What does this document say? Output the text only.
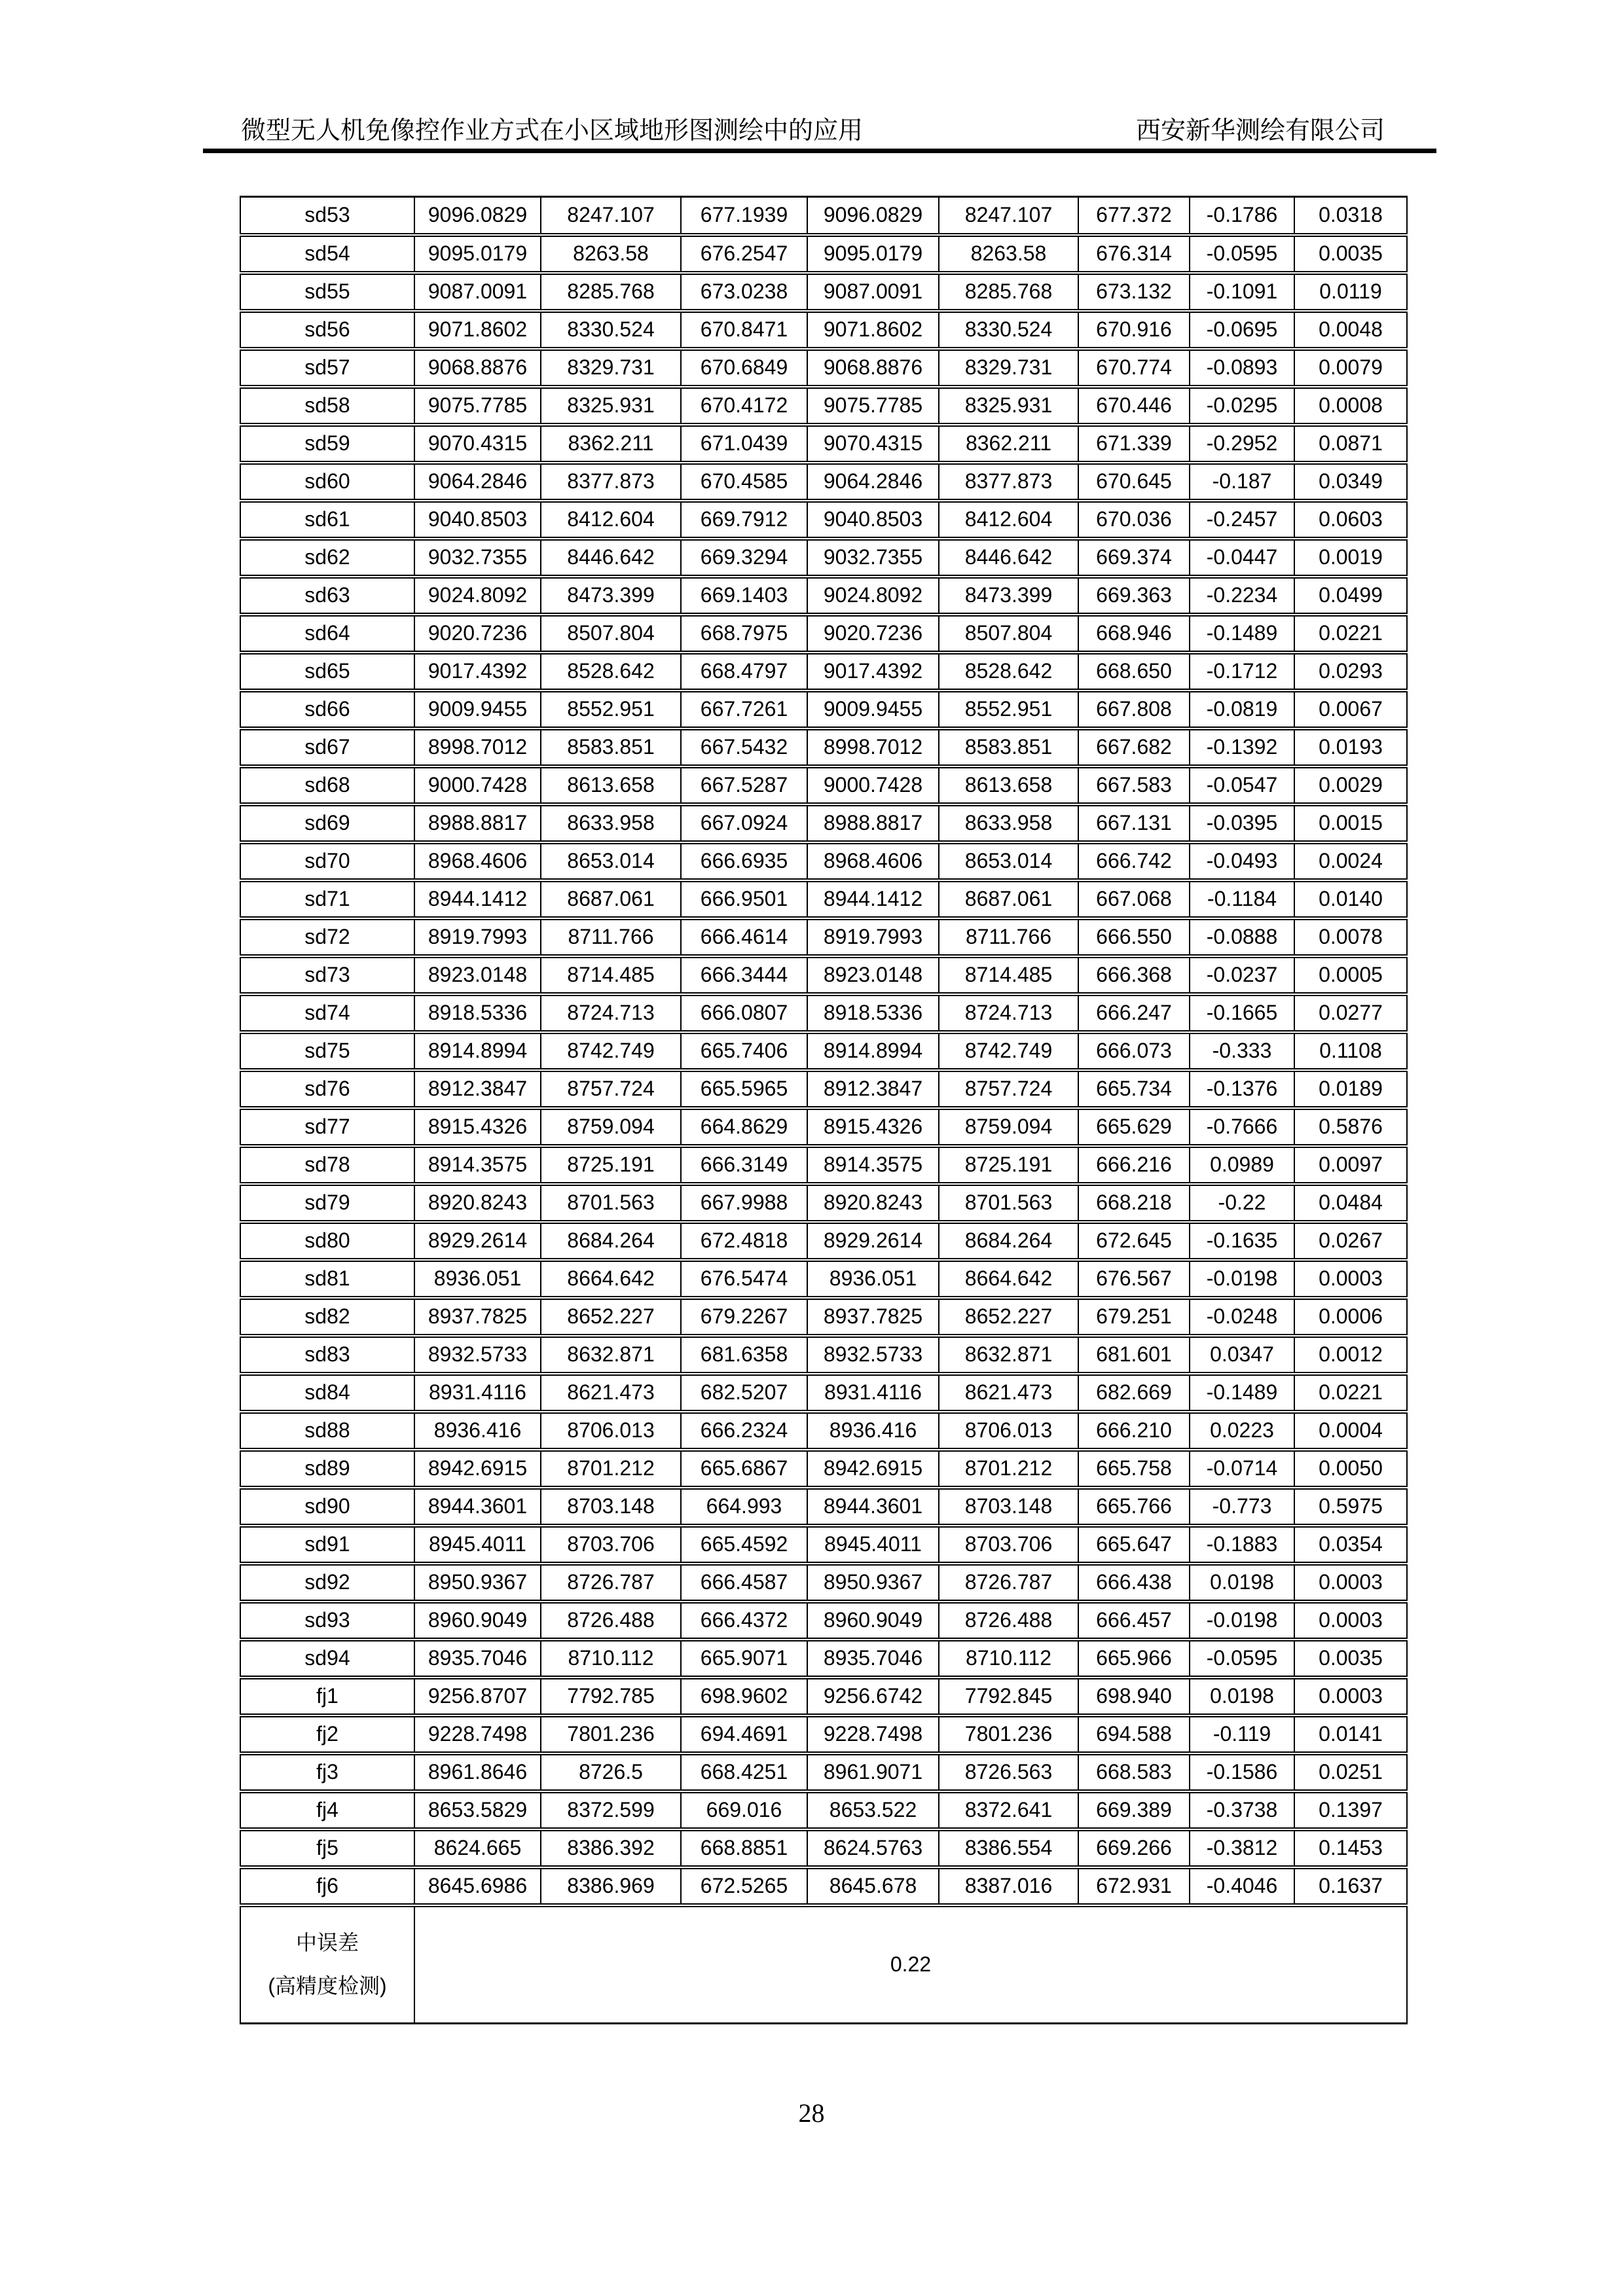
微型无人机免像控作业方式在小区域地形图测绘中的应用	西安新华测绘有限公司
sd53	9096.0829	8247.107	677.1939	9096.0829	8247.107	677.372	-0.1786	0.0318
sd54	9095.0179	8263.58	676.2547	9095.0179	8263.58	676.314	-0.0595	0.0035
sd55	9087.0091	8285.768	673.0238	9087.0091	8285.768	673.132	-0.1091	0.0119
sd56	9071.8602	8330.524	670.8471	9071.8602	8330.524	670.916	-0.0695	0.0048
sd57	9068.8876	8329.731	670.6849	9068.8876	8329.731	670.774	-0.0893	0.0079
sd58	9075.7785	8325.931	670.4172	9075.7785	8325.931	670.446	-0.0295	0.0008
sd59	9070.4315	8362.211	671.0439	9070.4315	8362.211	671.339	-0.2952	0.0871
sd60	9064.2846	8377.873	670.4585	9064.2846	8377.873	670.645	-0.187	0.0349
sd61	9040.8503	8412.604	669.7912	9040.8503	8412.604	670.036	-0.2457	0.0603
sd62	9032.7355	8446.642	669.3294	9032.7355	8446.642	669.374	-0.0447	0.0019
sd63	9024.8092	8473.399	669.1403	9024.8092	8473.399	669.363	-0.2234	0.0499
sd64	9020.7236	8507.804	668.7975	9020.7236	8507.804	668.946	-0.1489	0.0221
sd65	9017.4392	8528.642	668.4797	9017.4392	8528.642	668.650	-0.1712	0.0293
sd66	9009.9455	8552.951	667.7261	9009.9455	8552.951	667.808	-0.0819	0.0067
sd67	8998.7012	8583.851	667.5432	8998.7012	8583.851	667.682	-0.1392	0.0193
sd68	9000.7428	8613.658	667.5287	9000.7428	8613.658	667.583	-0.0547	0.0029
sd69	8988.8817	8633.958	667.0924	8988.8817	8633.958	667.131	-0.0395	0.0015
sd70	8968.4606	8653.014	666.6935	8968.4606	8653.014	666.742	-0.0493	0.0024
sd71	8944.1412	8687.061	666.9501	8944.1412	8687.061	667.068	-0.1184	0.0140
sd72	8919.7993	8711.766	666.4614	8919.7993	8711.766	666.550	-0.0888	0.0078
sd73	8923.0148	8714.485	666.3444	8923.0148	8714.485	666.368	-0.0237	0.0005
sd74	8918.5336	8724.713	666.0807	8918.5336	8724.713	666.247	-0.1665	0.0277
sd75	8914.8994	8742.749	665.7406	8914.8994	8742.749	666.073	-0.333	0.1108
sd76	8912.3847	8757.724	665.5965	8912.3847	8757.724	665.734	-0.1376	0.0189
sd77	8915.4326	8759.094	664.8629	8915.4326	8759.094	665.629	-0.7666	0.5876
sd78	8914.3575	8725.191	666.3149	8914.3575	8725.191	666.216	0.0989	0.0097
sd79	8920.8243	8701.563	667.9988	8920.8243	8701.563	668.218	-0.22	0.0484
sd80	8929.2614	8684.264	672.4818	8929.2614	8684.264	672.645	-0.1635	0.0267
sd81	8936.051	8664.642	676.5474	8936.051	8664.642	676.567	-0.0198	0.0003
sd82	8937.7825	8652.227	679.2267	8937.7825	8652.227	679.251	-0.0248	0.0006
sd83	8932.5733	8632.871	681.6358	8932.5733	8632.871	681.601	0.0347	0.0012
sd84	8931.4116	8621.473	682.5207	8931.4116	8621.473	682.669	-0.1489	0.0221
sd88	8936.416	8706.013	666.2324	8936.416	8706.013	666.210	0.0223	0.0004
sd89	8942.6915	8701.212	665.6867	8942.6915	8701.212	665.758	-0.0714	0.0050
sd90	8944.3601	8703.148	664.993	8944.3601	8703.148	665.766	-0.773	0.5975
sd91	8945.4011	8703.706	665.4592	8945.4011	8703.706	665.647	-0.1883	0.0354
sd92	8950.9367	8726.787	666.4587	8950.9367	8726.787	666.438	0.0198	0.0003
sd93	8960.9049	8726.488	666.4372	8960.9049	8726.488	666.457	-0.0198	0.0003
sd94	8935.7046	8710.112	665.9071	8935.7046	8710.112	665.966	-0.0595	0.0035
fj1	9256.8707	7792.785	698.9602	9256.6742	7792.845	698.940	0.0198	0.0003
fj2	9228.7498	7801.236	694.4691	9228.7498	7801.236	694.588	-0.119	0.0141
fj3	8961.8646	8726.5	668.4251	8961.9071	8726.563	668.583	-0.1586	0.0251
fj4	8653.5829	8372.599	669.016	8653.522	8372.641	669.389	-0.3738	0.1397
fj5	8624.665	8386.392	668.8851	8624.5763	8386.554	669.266	-0.3812	0.1453
fj6	8645.6986	8386.969	672.5265	8645.678	8387.016	672.931	-0.4046	0.1637

中误差
(高精度检测)	0.22							
28
